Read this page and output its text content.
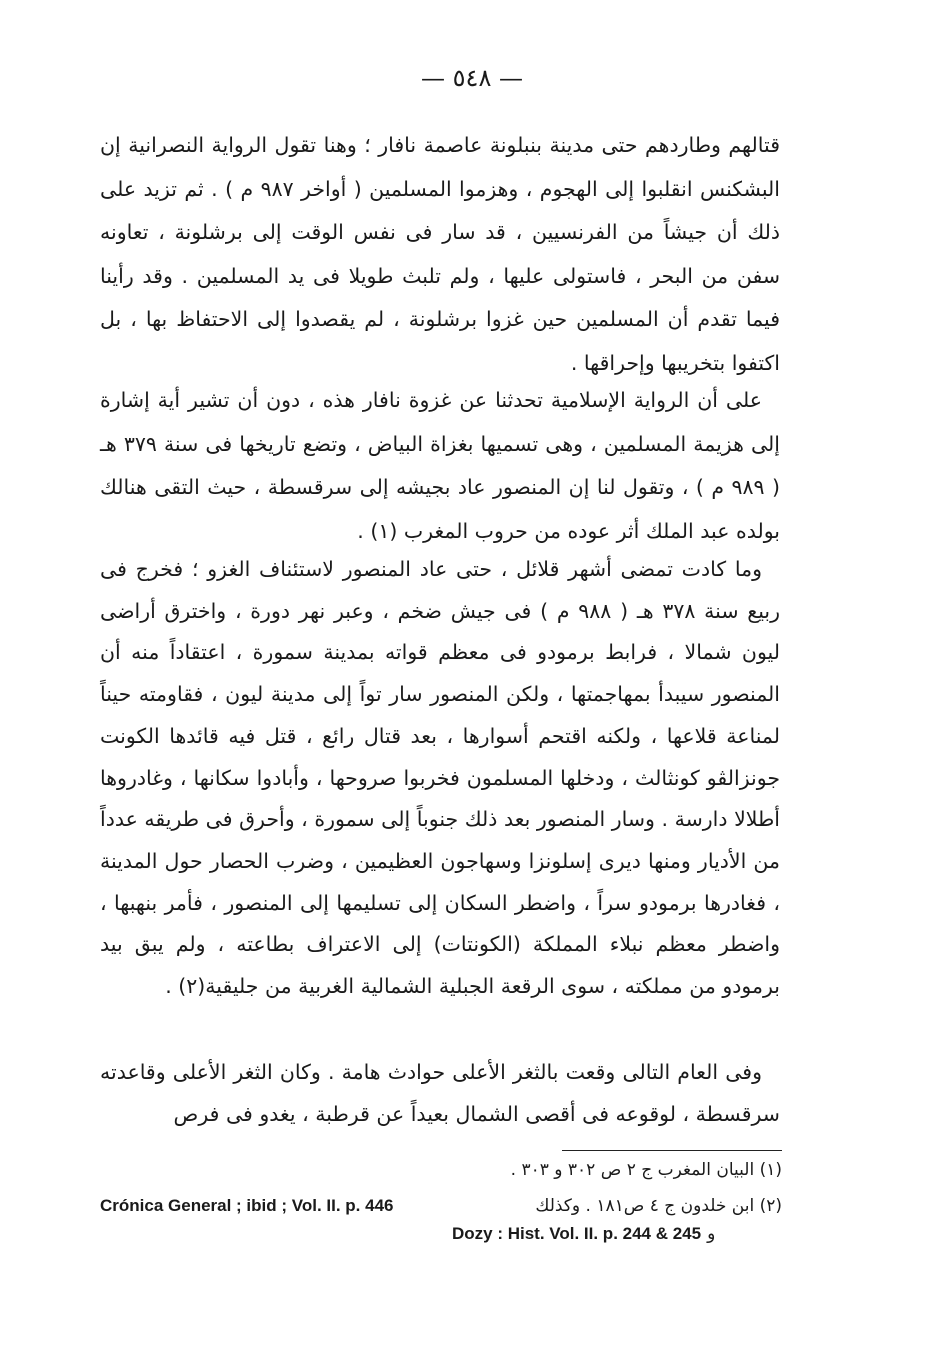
— ٥٤٨ —

قتالهم وطاردهم حتى مدينة بنبلونة عاصمة نافار ؛ وهنا تقول الرواية النصرانية إن البشكنس انقلبوا إلى الهجوم ، وهزموا المسلمين ( أواخر ٩٨٧ م ) . ثم تزيد على ذلك أن جيشاً من الفرنسيين ، قد سار فى نفس الوقت إلى برشلونة ، تعاونه سفن من البحر ، فاستولى عليها ، ولم تلبث طويلا فى يد المسلمين . وقد رأينا فيما تقدم أن المسلمين حين غزوا برشلونة ، لم يقصدوا إلى الاحتفاظ بها ، بل اكتفوا بتخريبها وإحراقها .

على أن الرواية الإسلامية تحدثنا عن غزوة نافار هذه ، دون أن تشير أية إشارة إلى هزيمة المسلمين ، وهى تسميها بغزاة البياض ، وتضع تاريخها فى سنة ٣٧٩ هـ ( ٩٨٩ م ) ، وتقول لنا إن المنصور عاد بجيشه إلى سرقسطة ، حيث التقى هنالك بولده عبد الملك أثر عوده من حروب المغرب (١) .

وما كادت تمضى أشهر قلائل ، حتى عاد المنصور لاستئناف الغزو ؛ فخرج فى ربيع سنة ٣٧٨ هـ ( ٩٨٨ م ) فى جيش ضخم ، وعبر نهر دورة ، واخترق أراضى ليون شمالا ، فرابط برمودو فى معظم قواته بمدينة سمورة ، اعتقاداً منه أن المنصور سيبدأ بمهاجمتها ، ولكن المنصور سار تواً إلى مدينة ليون ، فقاومته حيناً لمناعة قلاعها ، ولكنه اقتحم أسوارها ، بعد قتال رائع ، قتل فيه قائدها الكونت جونزالڤو كونثالث ، ودخلها المسلمون فخربوا صروحها ، وأبادوا سكانها ، وغادروها أطلالا دارسة . وسار المنصور بعد ذلك جنوباً إلى سمورة ، وأحرق فى طريقه عدداً من الأديار ومنها ديرى إسلونزا وسهاجون العظيمين ، وضرب الحصار حول المدينة ، فغادرها برمودو سراً ، واضطر السكان إلى تسليمها إلى المنصور ، فأمر بنهبها ، واضطر معظم نبلاء المملكة (الكونتات) إلى الاعتراف بطاعته ، ولم يبق بيد برمودو من مملكته ، سوى الرقعة الجبلية الشمالية الغربية من جليقية(٢) .

وفى العام التالى وقعت بالثغر الأعلى حوادث هامة . وكان الثغر الأعلى وقاعدته سرقسطة ، لوقوعه فى أقصى الشمال بعيداً عن قرطبة ، يغدو فى فرص

(١) البيان المغرب ج ٢ ص ٣٠٢ و ٣٠٣ .
(٢) ابن خلدون ج ٤ ص١٨١ . وكذلك
Crónica General ; ibid ; Vol. II. p. 446
Dozy : Hist. Vol. II. p. 244 & 245 و
